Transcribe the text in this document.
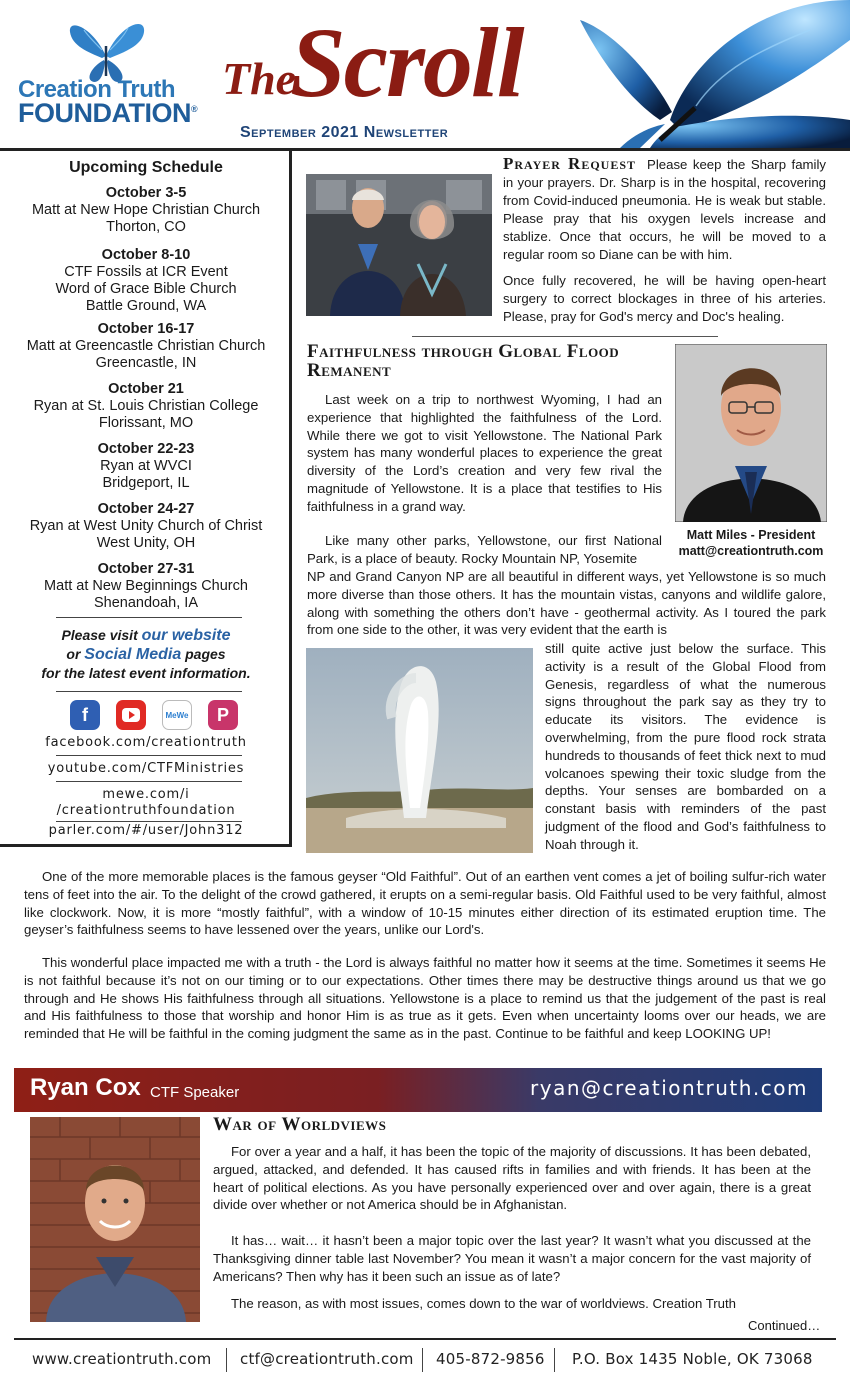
Creation Truth
FOUNDATION®
The
Scroll
September 2021 Newsletter
Upcoming Schedule
October 3-5
Matt at New Hope Christian Church
Thorton, CO
October 8-10
CTF Fossils at ICR Event
Word of Grace Bible Church
Battle Ground, WA
October 16-17
Matt at Greencastle Christian Church
Greencastle, IN
October 21
Ryan at St. Louis Christian College
Florissant, MO
October 22-23
Ryan at WVCI
Bridgeport, IL
October 24-27
Ryan at West Unity Church of Christ
West Unity, OH
October 27-31
Matt at New Beginnings Church
Shenandoah, IA
Please visit our website
or Social Media pages
for the latest event information.
f	MeWe	P
facebook.com/creationtruth
youtube.com/CTFMinistries
mewe.com/i
/creationtruthfoundation
parler.com/#/user/John312

Prayer Request Please keep the Sharp family in your prayers. Dr. Sharp is in the hospital, recovering from Covid-induced pneumonia. He is weak but stable. Please pray that his oxygen levels increase and stablize. Once that occurs, he will be moved to a regular room so Diane can be with him.

Once fully recovered, he will be having open-heart surgery to correct blockages in three of his arteries. Please, pray for God's mercy and Doc's healing.

Faithfulness through Global Flood Remanent
Matt Miles - President
matt@creationtruth.com

Last week on a trip to northwest Wyoming, I had an experience that highlighted the faithfulness of the Lord. While there we got to visit Yellowstone. The National Park system has many wonderful places to experience the great diversity of the Lord’s creation and very few rival the magnitude of Yellowstone. It is a place that testifies to His faithfulness in a grand way.

Like many other parks, Yellowstone, our first National Park, is a place of beauty. Rocky Mountain NP, Yosemite

NP and Grand Canyon NP are all beautiful in different ways, yet Yellowstone is so much more diverse than those others. It has the mountain vistas, canyons and wildlife galore, along with something the others don’t have - geothermal activity. As I toured the park from one side to the other, it was very evident that the earth is

still quite active just below the surface. This activity is a result of the Global Flood from Genesis, regardless of what the numerous signs throughout the park say as they try to educate its visitors. The evidence is overwhelming, from the pure flood rock strata hundreds to thousands of feet thick next to mud volcanoes spewing their toxic sludge from the depths. Your senses are bombarded on a constant basis with reminders of the past judgment of the flood and God’s faithfulness to Noah through it.

One of the more memorable places is the famous geyser “Old Faithful”. Out of an earthen vent comes a jet of boiling sulfur-rich water tens of feet into the air. To the delight of the crowd gathered, it erupts on a semi-regular basis. Old Faithful used to be very faithful, almost like clockwork. Now, it is more “mostly faithful”, with a window of 10-15 minutes either direction of its estimated eruption time. The geyser’s faithfulness seems to have lessened over the years, unlike our Lord's.

This wonderful place impacted me with a truth - the Lord is always faithful no matter how it seems at the time. Sometimes it seems He is not faithful because it’s not on our timing or to our expectations. Other times there may be destructive things around us that we go through and He shows His faithfulness through all situations. Yellowstone is a place to remind us that the judgement of the past is real and His faithfulness to those that worship and honor Him is as true as it gets. Even when uncertainty looms over our heads, we are reminded that He will be faithful in the coming judgment the same as in the past. Continue to be faithful and keep LOOKING UP!

Ryan Cox CTF Speaker	ryan@creationtruth.com
War of Worldviews

For over a year and a half, it has been the topic of the majority of discussions. It has been debated, argued, attacked, and defended. It has caused rifts in families and with friends. It has been at the heart of political elections. As you have personally experienced over and over again, there is a great divide over whether or not America should be in Afghanistan.

It has… wait… it hasn’t been a major topic over the last year? It wasn’t what you discussed at the Thanksgiving dinner table last November? You mean it wasn’t a major concern for the vast majority of Americans? Then why has it been such an issue as of late?

The reason, as with most issues, comes down to the war of worldviews. Creation Truth

Continued…
www.creationtruth.com ctf@creationtruth.com 405-872-9856 P.O. Box 1435 Noble, OK 73068
